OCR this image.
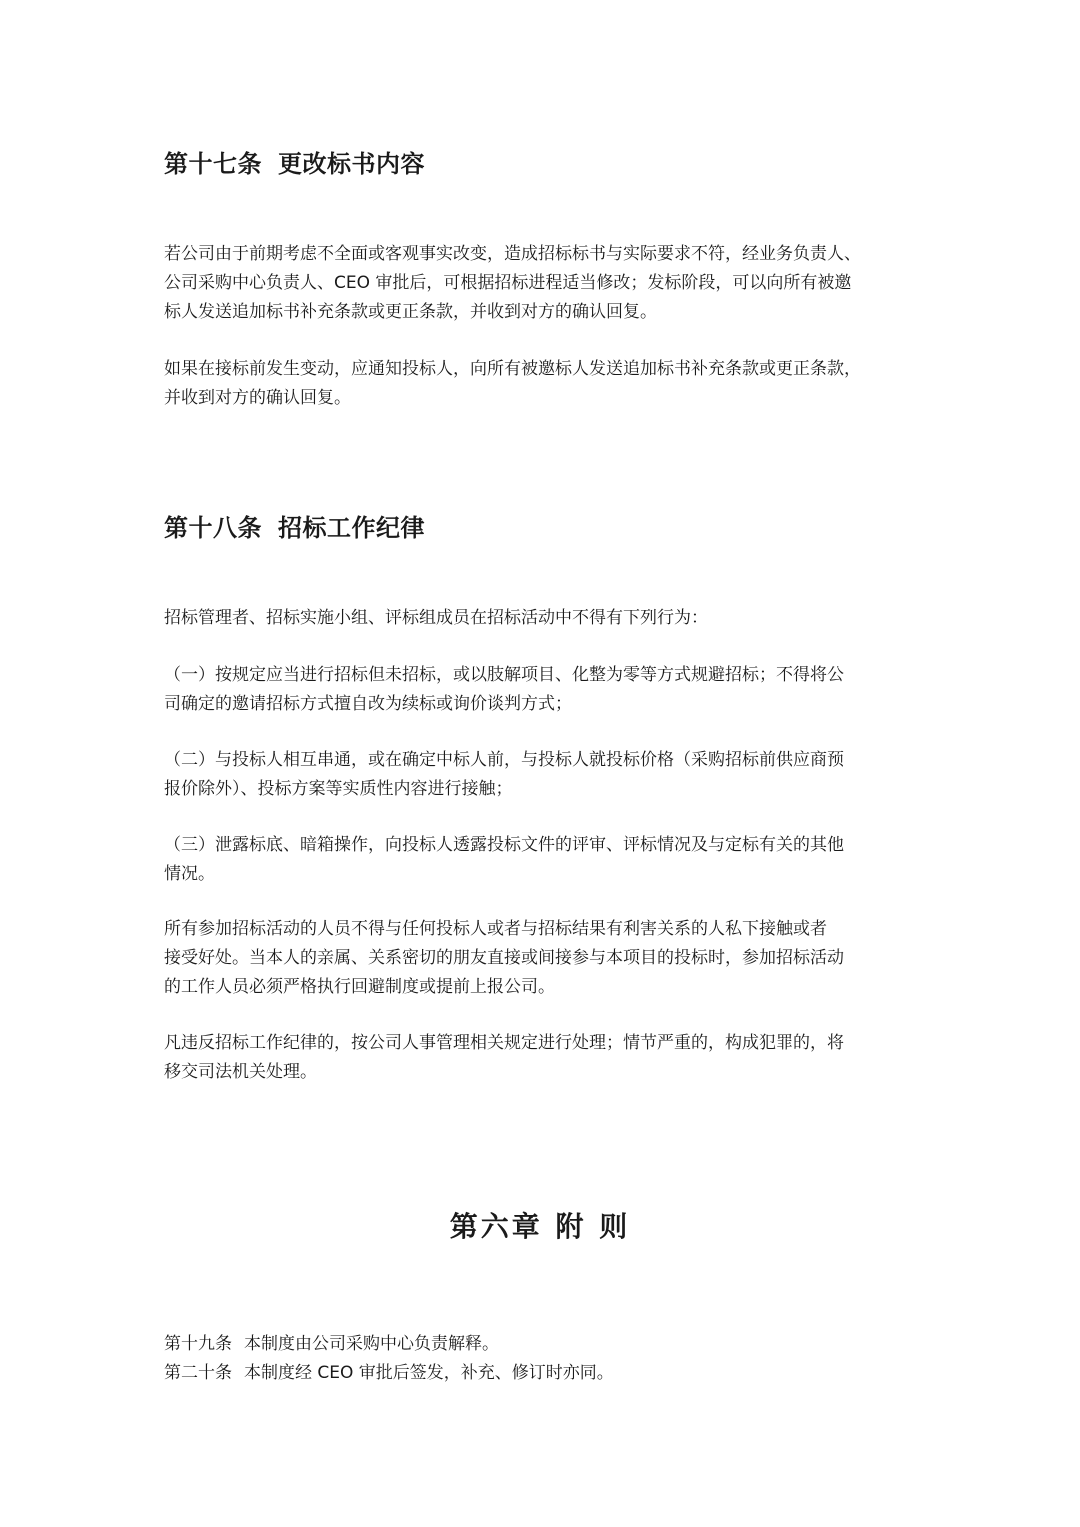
第十七条 更改标书内容

若公司由于前期考虑不全面或客观事实改变，造成招标标书与实际要求不符，经业务负责人、
公司采购中心负责人、CEO 审批后，可根据招标进程适当修改；发标阶段，可以向所有被邀
标人发送追加标书补充条款或更正条款，并收到对方的确认回复。

如果在接标前发生变动，应通知投标人，向所有被邀标人发送追加标书补充条款或更正条款，
并收到对方的确认回复。

第十八条 招标工作纪律

招标管理者、招标实施小组、评标组成员在招标活动中不得有下列行为：

（一）按规定应当进行招标但未招标，或以肢解项目、化整为零等方式规避招标；不得将公
司确定的邀请招标方式擅自改为续标或询价谈判方式；

（二）与投标人相互串通，或在确定中标人前，与投标人就投标价格（采购招标前供应商预
报价除外）、投标方案等实质性内容进行接触；

（三）泄露标底、暗箱操作，向投标人透露投标文件的评审、评标情况及与定标有关的其他
情况。

所有参加招标活动的人员不得与任何投标人或者与招标结果有利害关系的人私下接触或者
接受好处。当本人的亲属、关系密切的朋友直接或间接参与本项目的投标时，参加招标活动
的工作人员必须严格执行回避制度或提前上报公司。

凡违反招标工作纪律的，按公司人事管理相关规定进行处理；情节严重的，构成犯罪的，将
移交司法机关处理。

第六章 附 则

第十九条 本制度由公司采购中心负责解释。

第二十条 本制度经 CEO 审批后签发，补充、修订时亦同。
